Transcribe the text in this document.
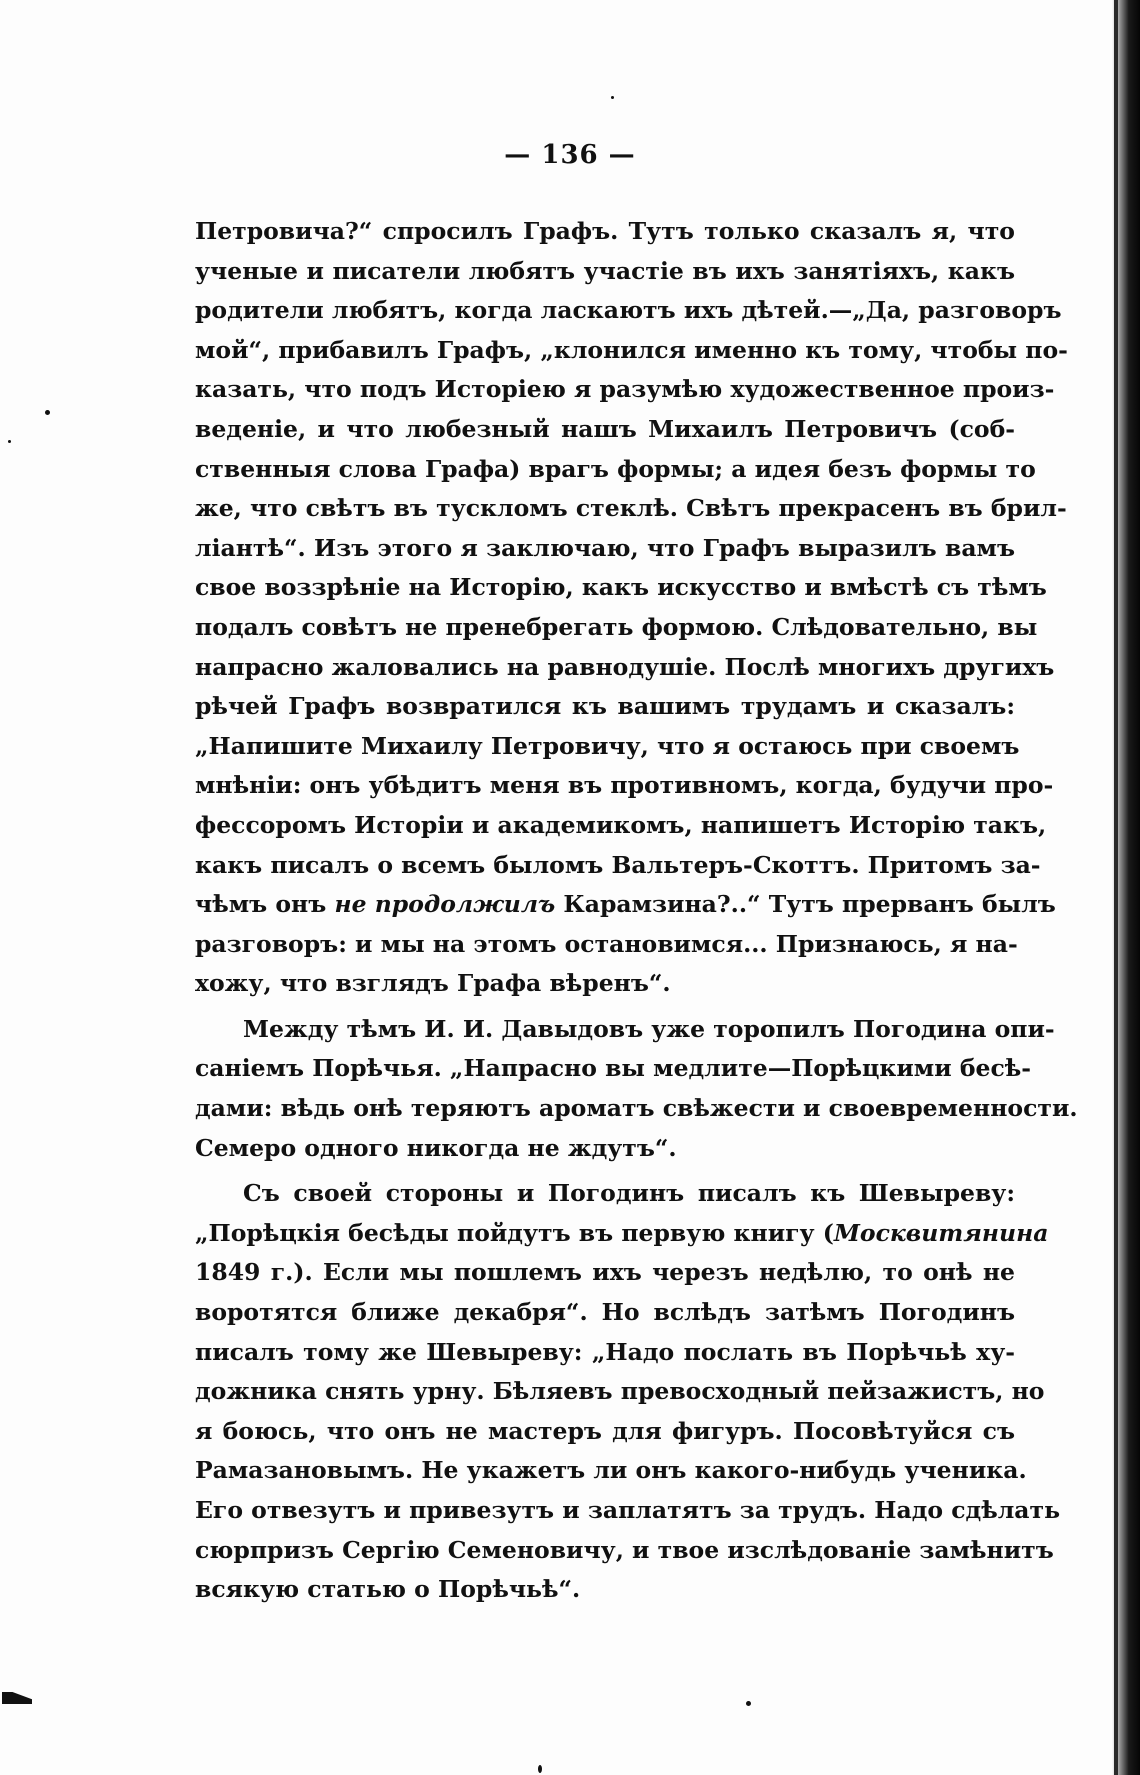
— 136 —
Петровича?“ спросилъ Графъ. Тутъ только сказалъ я, что
ученые и писатели любятъ участіе въ ихъ занятіяхъ, какъ
родители любятъ, когда ласкаютъ ихъ дѣтей.—„Да, разговоръ
мой“, прибавилъ Графъ, „клонился именно къ тому, чтобы по-
казать, что подъ Исторіею я разумѣю художественное произ-
веденіе, и что любезный нашъ Михаилъ Петровичъ (соб-
ственныя слова Графа) врагъ формы; а идея безъ формы то
же, что свѣтъ въ тускломъ стеклѣ. Свѣтъ прекрасенъ въ брил-
ліантѣ“. Изъ этого я заключаю, что Графъ выразилъ вамъ
свое воззрѣніе на Исторію, какъ искусство и вмѣстѣ съ тѣмъ
подалъ совѣтъ не пренебрегать формою. Слѣдовательно, вы
напрасно жаловались на равнодушіе. Послѣ многихъ другихъ
рѣчей Графъ возвратился къ вашимъ трудамъ и сказалъ:
„Напишите Михаилу Петровичу, что я остаюсь при своемъ
мнѣніи: онъ убѣдитъ меня въ противномъ, когда, будучи про-
фессоромъ Исторіи и академикомъ, напишетъ Исторію такъ,
какъ писалъ о всемъ быломъ Вальтеръ-Скоттъ. Притомъ за-
чѣмъ онъ не продолжилъ Карамзина?..“ Тутъ прерванъ былъ
разговоръ: и мы на этомъ остановимся... Признаюсь, я на-
хожу, что взглядъ Графа вѣренъ“.
Между тѣмъ И. И. Давыдовъ уже торопилъ Погодина опи-
саніемъ Порѣчья. „Напрасно вы медлите—Порѣцкими бесѣ-
дами: вѣдь онѣ теряютъ ароматъ свѣжести и своевременности.
Семеро одного никогда не ждутъ“.
Съ своей стороны и Погодинъ писалъ къ Шевыреву:
„Порѣцкія бесѣды пойдутъ въ первую книгу (Москвитянина
1849 г.). Если мы пошлемъ ихъ черезъ недѣлю, то онѣ не
воротятся ближе декабря“. Но вслѣдъ затѣмъ Погодинъ
писалъ тому же Шевыреву: „Надо послать въ Порѣчьѣ ху-
дожника снять урну. Бѣляевъ превосходный пейзажистъ, но
я боюсь, что онъ не мастеръ для фигуръ. Посовѣтуйся съ
Рамазановымъ. Не укажетъ ли онъ какого-нибудь ученика.
Его отвезутъ и привезутъ и заплатятъ за трудъ. Надо сдѣлать
сюрпризъ Сергію Семеновичу, и твое изслѣдованіе замѣнитъ
всякую статью о Порѣчьѣ“.
